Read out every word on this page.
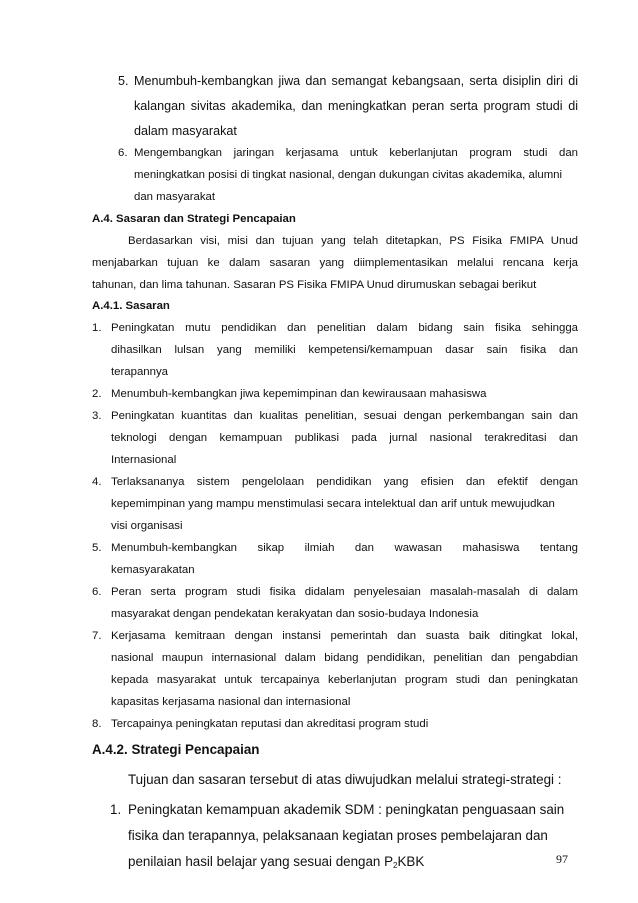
5. Menumbuh-kembangkan jiwa dan semangat kebangsaan, serta disiplin diri di
kalangan sivitas akademika, dan meningkatkan peran serta program studi di
dalam masyarakat
6. Mengembangkan jaringan kerjasama untuk keberlanjutan program studi dan
meningkatkan posisi di tingkat nasional, dengan dukungan civitas akademika, alumni
dan masyarakat
A.4. Sasaran dan Strategi Pencapaian
Berdasarkan visi, misi dan tujuan yang telah ditetapkan, PS Fisika FMIPA Unud
menjabarkan tujuan ke dalam sasaran yang diimplementasikan melalui rencana kerja
tahunan, dan lima tahunan. Sasaran PS Fisika FMIPA Unud dirumuskan sebagai berikut
A.4.1. Sasaran
1. Peningkatan mutu pendidikan dan penelitian dalam bidang sain fisika sehingga
dihasilkan lulsan yang memiliki kempetensi/kemampuan dasar sain fisika dan
terapannya
2. Menumbuh-kembangkan jiwa kepemimpinan dan kewirausaan mahasiswa
3. Peningkatan kuantitas dan kualitas penelitian, sesuai dengan perkembangan sain dan
teknologi dengan kemampuan publikasi pada jurnal nasional terakreditasi dan
Internasional
4. Terlaksananya sistem pengelolaan pendidikan yang efisien dan efektif dengan
kepemimpinan yang mampu menstimulasi secara intelektual dan arif untuk mewujudkan
visi organisasi
5. Menumbuh-kembangkan sikap ilmiah dan wawasan mahasiswa tentang
kemasyarakatan
6. Peran serta program studi fisika didalam penyelesaian masalah-masalah di dalam
masyarakat dengan pendekatan kerakyatan dan sosio-budaya Indonesia
7. Kerjasama kemitraan dengan instansi pemerintah dan suasta baik ditingkat lokal,
nasional maupun internasional dalam bidang pendidikan, penelitian dan pengabdian
kepada masyarakat untuk tercapainya keberlanjutan program studi dan peningkatan
kapasitas kerjasama nasional dan internasional
8. Tercapainya peningkatan reputasi dan akreditasi program studi
A.4.2. Strategi Pencapaian
Tujuan dan sasaran tersebut di atas diwujudkan melalui strategi-strategi :
1. Peningkatan kemampuan akademik SDM : peningkatan penguasaan sain
fisika dan terapannya, pelaksanaan kegiatan proses pembelajaran dan
penilaian hasil belajar yang sesuai dengan $P_2KBK$	97
